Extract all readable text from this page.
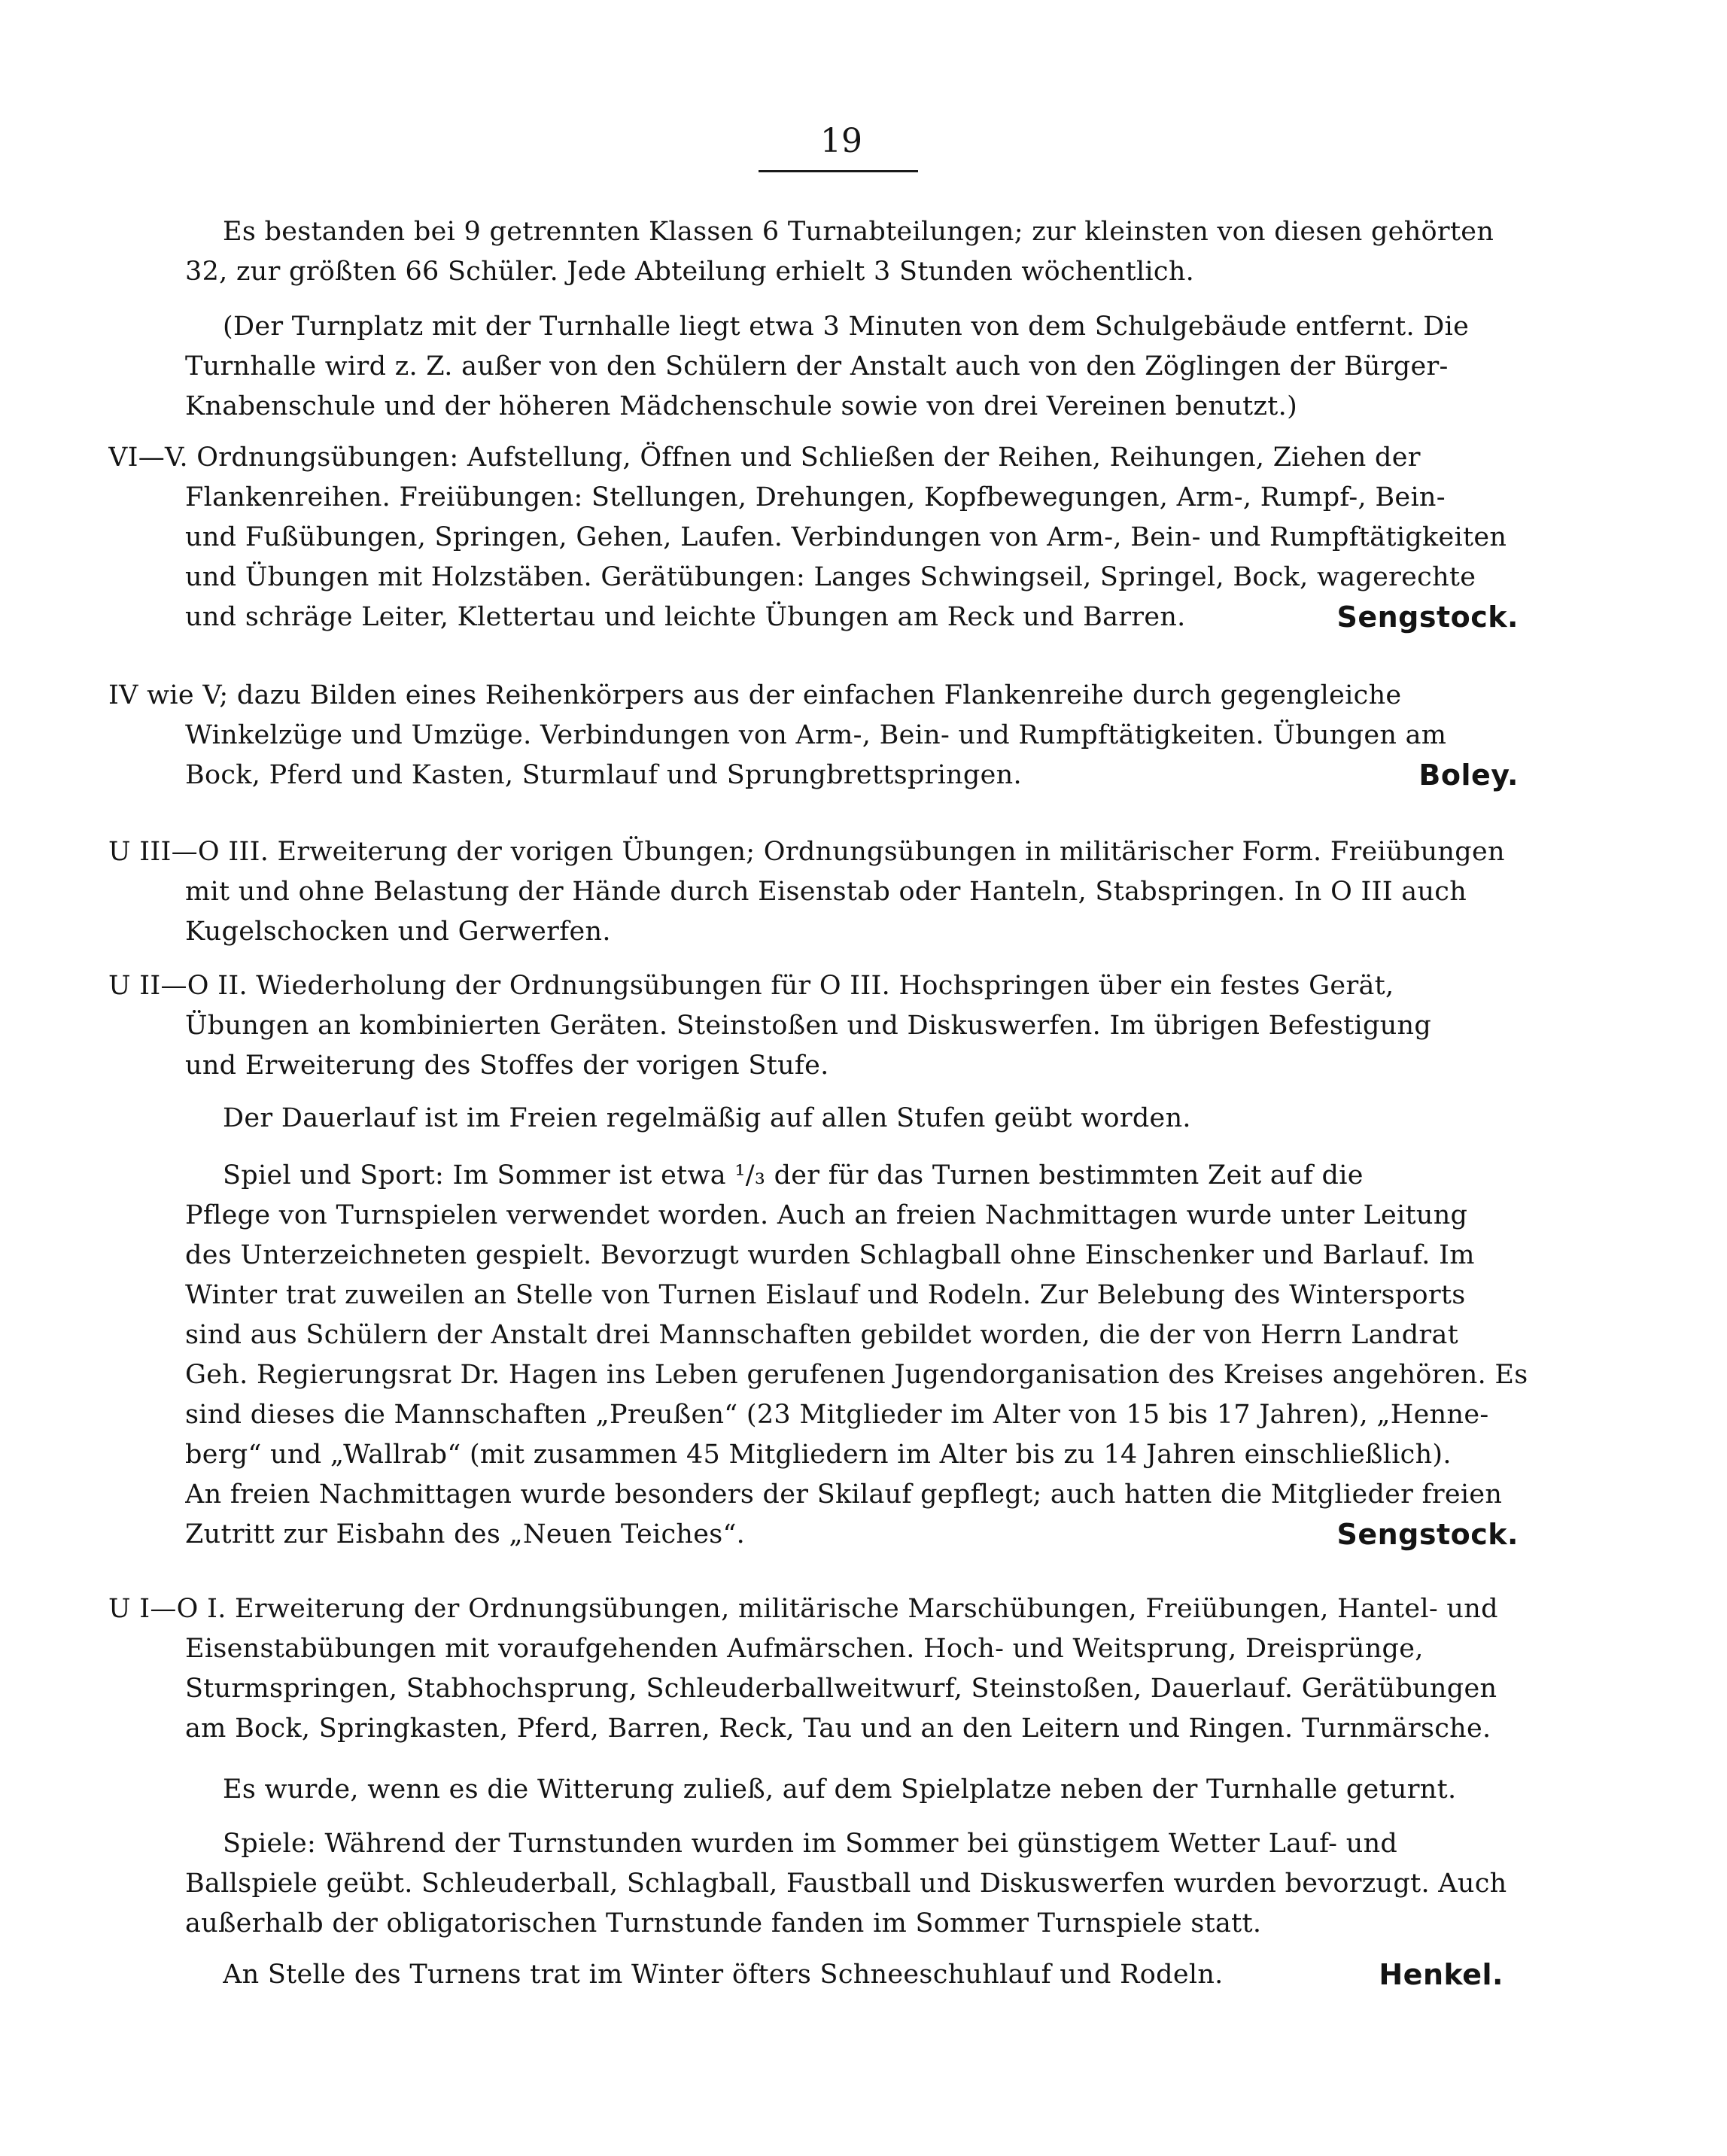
19
Es bestanden bei 9 getrennten Klassen 6 Turnabteilungen; zur kleinsten von diesen gehörten
32, zur größten 66 Schüler. Jede Abteilung erhielt 3 Stunden wöchentlich.
(Der Turnplatz mit der Turnhalle liegt etwa 3 Minuten von dem Schulgebäude entfernt. Die
Turnhalle wird z. Z. außer von den Schülern der Anstalt auch von den Zöglingen der Bürger-
Knabenschule und der höheren Mädchenschule sowie von drei Vereinen benutzt.)
VI—V. Ordnungsübungen: Aufstellung, Öffnen und Schließen der Reihen, Reihungen, Ziehen der
Flankenreihen. Freiübungen: Stellungen, Drehungen, Kopfbewegungen, Arm-, Rumpf-, Bein-
und Fußübungen, Springen, Gehen, Laufen. Verbindungen von Arm-, Bein- und Rumpftätigkeiten
und Übungen mit Holzstäben. Gerätübungen: Langes Schwingseil, Springel, Bock, wagerechte
und schräge Leiter, Klettertau und leichte Übungen am Reck und Barren.	Sengstock.
IV wie V; dazu Bilden eines Reihenkörpers aus der einfachen Flankenreihe durch gegengleiche
Winkelzüge und Umzüge. Verbindungen von Arm-, Bein- und Rumpftätigkeiten. Übungen am
Bock, Pferd und Kasten, Sturmlauf und Sprungbrettspringen.	Boley.
U III—O III. Erweiterung der vorigen Übungen; Ordnungsübungen in militärischer Form. Freiübungen
mit und ohne Belastung der Hände durch Eisenstab oder Hanteln, Stabspringen. In O III auch
Kugelschocken und Gerwerfen.
U II—O II. Wiederholung der Ordnungsübungen für O III. Hochspringen über ein festes Gerät,
Übungen an kombinierten Geräten. Steinstoßen und Diskuswerfen. Im übrigen Befestigung
und Erweiterung des Stoffes der vorigen Stufe.
Der Dauerlauf ist im Freien regelmäßig auf allen Stufen geübt worden.
Spiel und Sport: Im Sommer ist etwa ¹/₃ der für das Turnen bestimmten Zeit auf die
Pflege von Turnspielen verwendet worden. Auch an freien Nachmittagen wurde unter Leitung
des Unterzeichneten gespielt. Bevorzugt wurden Schlagball ohne Einschenker und Barlauf. Im
Winter trat zuweilen an Stelle von Turnen Eislauf und Rodeln. Zur Belebung des Wintersports
sind aus Schülern der Anstalt drei Mannschaften gebildet worden, die der von Herrn Landrat
Geh. Regierungsrat Dr. Hagen ins Leben gerufenen Jugendorganisation des Kreises angehören. Es
sind dieses die Mannschaften „Preußen“ (23 Mitglieder im Alter von 15 bis 17 Jahren), „Henne-
berg“ und „Wallrab“ (mit zusammen 45 Mitgliedern im Alter bis zu 14 Jahren einschließlich).
An freien Nachmittagen wurde besonders der Skilauf gepflegt; auch hatten die Mitglieder freien
Zutritt zur Eisbahn des „Neuen Teiches“.	Sengstock.
U I—O I. Erweiterung der Ordnungsübungen, militärische Marschübungen, Freiübungen, Hantel- und
Eisenstabübungen mit voraufgehenden Aufmärschen. Hoch- und Weitsprung, Dreisprünge,
Sturmspringen, Stabhochsprung, Schleuderballweitwurf, Steinstoßen, Dauerlauf. Gerätübungen
am Bock, Springkasten, Pferd, Barren, Reck, Tau und an den Leitern und Ringen. Turnmärsche.
Es wurde, wenn es die Witterung zuließ, auf dem Spielplatze neben der Turnhalle geturnt.
Spiele: Während der Turnstunden wurden im Sommer bei günstigem Wetter Lauf- und
Ballspiele geübt. Schleuderball, Schlagball, Faustball und Diskuswerfen wurden bevorzugt. Auch
außerhalb der obligatorischen Turnstunde fanden im Sommer Turnspiele statt.
An Stelle des Turnens trat im Winter öfters Schneeschuhlauf und Rodeln.	Henkel.
